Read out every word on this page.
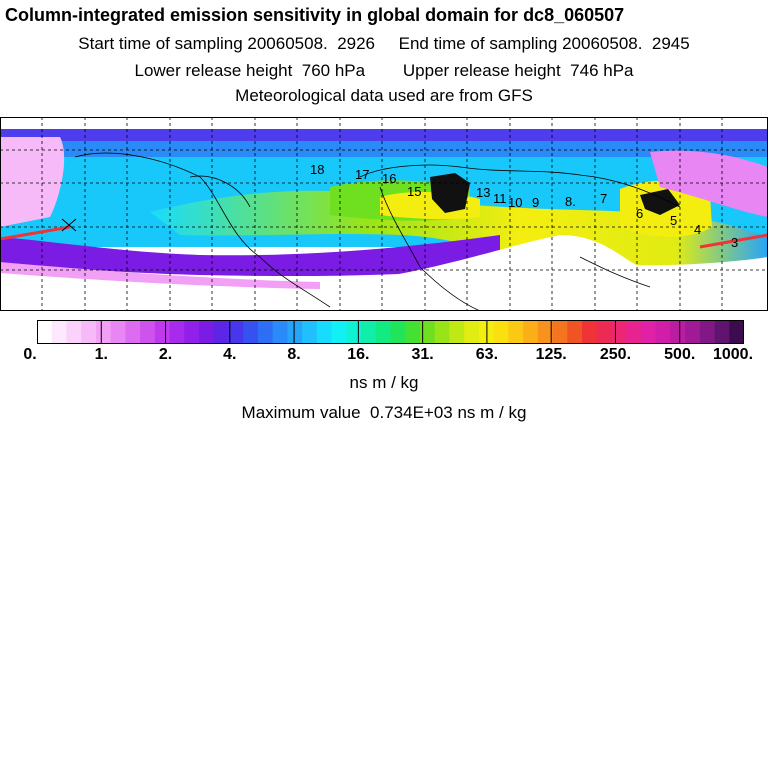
Column-integrated emission sensitivity in global domain for dc8_060507
Start time of sampling 20060508.  2926     End time of sampling 20060508.  2945
Lower release height  760 hPa        Upper release height  746 hPa
Meteorological data used are from GFS
18 17 16
15	13 11 10 9 8. 7
6 5
4
3
0.	1.	2.	4.	8.	16.	31.	63. 125. 250. 500. 1000.
ns m / kg
Maximum value  0.734E+03 ns m / kg
